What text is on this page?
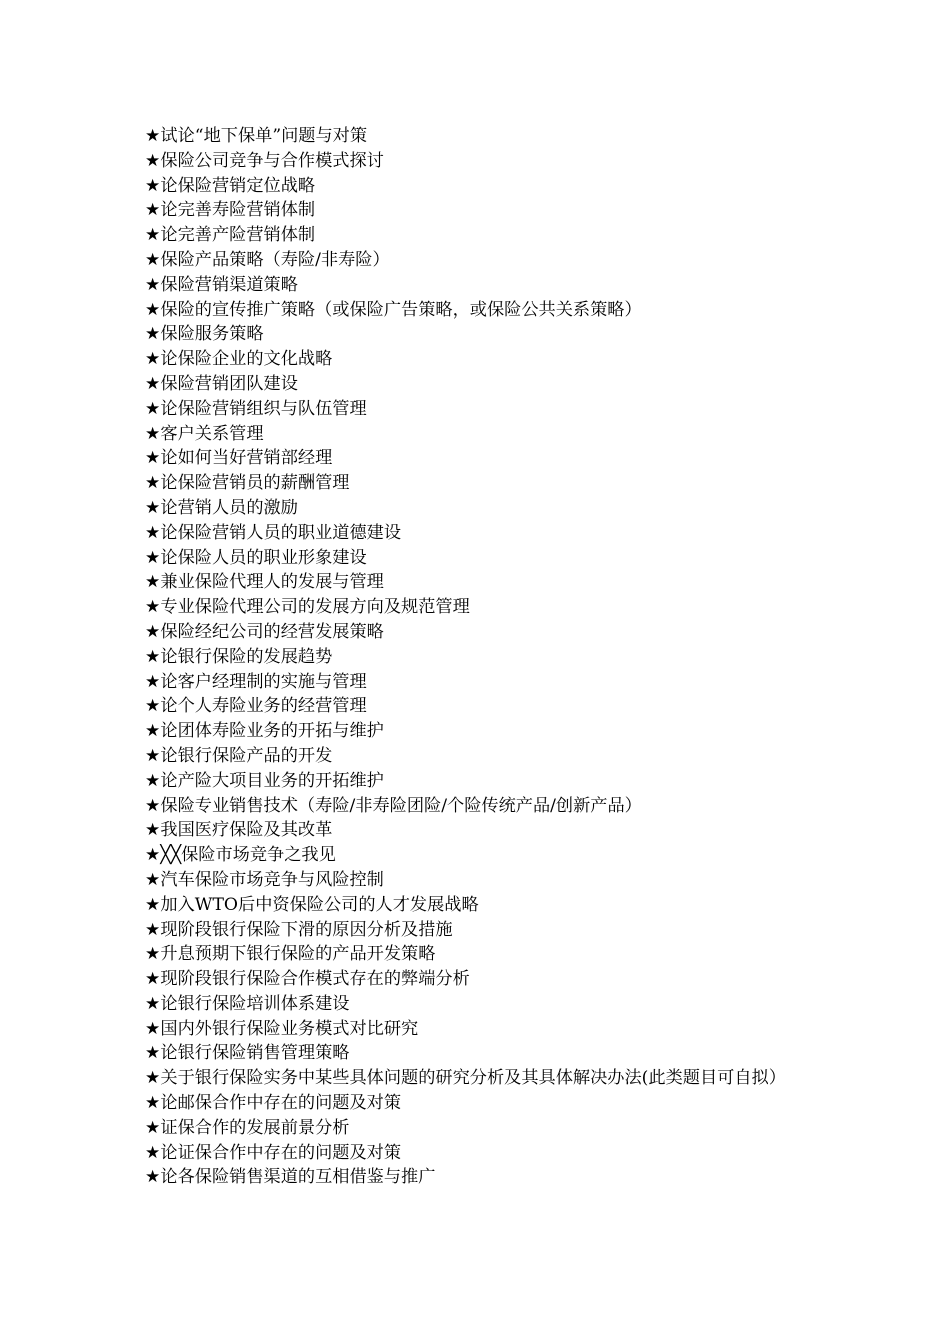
★试论“地下保单”问题与对策
★保险公司竞争与合作模式探讨
★论保险营销定位战略
★论完善寿险营销体制
★论完善产险营销体制
★保险产品策略（寿险/非寿险）
★保险营销渠道策略
★保险的宣传推广策略（或保险广告策略，或保险公共关系策略）
★保险服务策略
★论保险企业的文化战略
★保险营销团队建设
★论保险营销组织与队伍管理
★客户关系管理
★论如何当好营销部经理
★论保险营销员的薪酬管理
★论营销人员的激励
★论保险营销人员的职业道德建设
★论保险人员的职业形象建设
★兼业保险代理人的发展与管理
★专业保险代理公司的发展方向及规范管理
★保险经纪公司的经营发展策略
★论银行保险的发展趋势
★论客户经理制的实施与管理
★论个人寿险业务的经营管理
★论团体寿险业务的开拓与维护
★论银行保险产品的开发
★论产险大项目业务的开拓维护
★保险专业销售技术（寿险/非寿险团险/个险传统产品/创新产品）
★我国医疗保险及其改革
★╳╳保险市场竞争之我见
★汽车保险市场竞争与风险控制
★加入WTO后中资保险公司的人才发展战略
★现阶段银行保险下滑的原因分析及措施
★升息预期下银行保险的产品开发策略
★现阶段银行保险合作模式存在的弊端分析
★论银行保险培训体系建设
★国内外银行保险业务模式对比研究
★论银行保险销售管理策略
★关于银行保险实务中某些具体问题的研究分析及其具体解决办法(此类题目可自拟）
★论邮保合作中存在的问题及对策
★证保合作的发展前景分析
★论证保合作中存在的问题及对策
★论各保险销售渠道的互相借鉴与推广
